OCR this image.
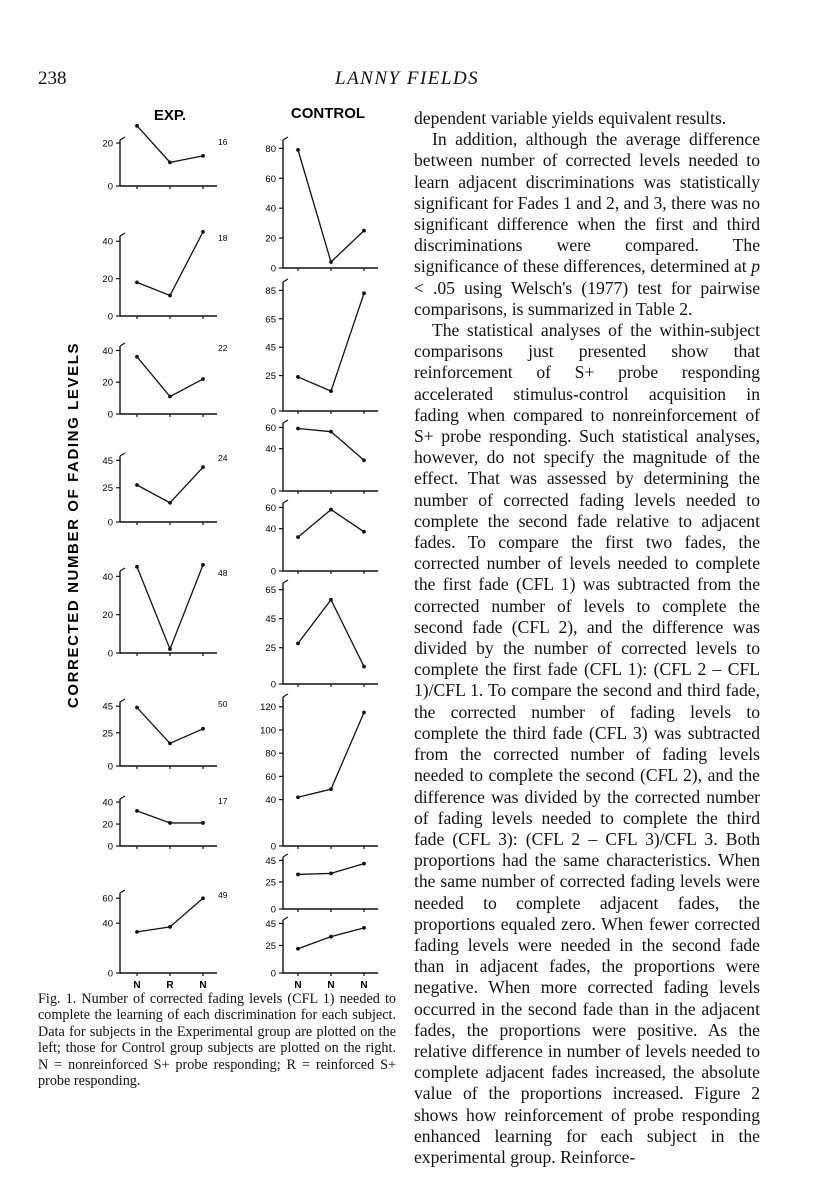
238	LANNY FIELDS
EXP.	CONTROL
CORRECTED NUMBER OF FADING LEVELS
20
0
16
40
20
0
18
40
20
0
22
45
25
0
24
40
20
0
48
45
25
0
50
40
20
0
17
60
40
0
49
80
60
40
20
0
85
65
45
25
0
60
40
0
60
40
0
65
45
25
0
120
100
80
60
40
0
45
25
0
45
25
0
N	R	N	N	N	N
Fig. 1. Number of corrected fading levels (CFL 1) needed to complete the learning of each discrimination for each subject. Data for subjects in the Experimental group are plotted on the left; those for Control group subjects are plotted on the right. N = nonreinforced S+ probe responding; R = reinforced S+ probe responding.

dependent variable yields equivalent results.

In addition, although the average difference between number of corrected levels needed to learn adjacent discriminations was statistically significant for Fades 1 and 2, and 3, there was no significant difference when the first and third discriminations were compared. The significance of these differences, determined at p < .05 using Welsch's (1977) test for pairwise comparisons, is summarized in Table 2.

The statistical analyses of the within-subject comparisons just presented show that reinforcement of S+ probe responding accelerated stimulus-control acquisition in fading when compared to nonreinforcement of S+ probe responding. Such statistical analyses, however, do not specify the magnitude of the effect. That was assessed by determining the number of corrected fading levels needed to complete the second fade relative to adjacent fades. To compare the first two fades, the corrected number of levels needed to complete the first fade (CFL 1) was subtracted from the corrected number of levels to complete the second fade (CFL 2), and the difference was divided by the number of corrected levels to complete the first fade (CFL 1): (CFL 2 – CFL 1)/CFL 1. To compare the second and third fade, the corrected number of fading levels to complete the third fade (CFL 3) was subtracted from the corrected number of fading levels needed to complete the second (CFL 2), and the difference was divided by the corrected number of fading levels needed to complete the third fade (CFL 3): (CFL 2 – CFL 3)/CFL 3. Both proportions had the same characteristics. When the same number of corrected fading levels were needed to complete adjacent fades, the proportions equaled zero. When fewer corrected fading levels were needed in the second fade than in adjacent fades, the proportions were negative. When more corrected fading levels occurred in the second fade than in the adjacent fades, the proportions were positive. As the relative difference in number of levels needed to complete adjacent fades increased, the absolute value of the proportions increased. Figure 2 shows how reinforcement of probe responding enhanced learning for each subject in the experimental group. Reinforce-
